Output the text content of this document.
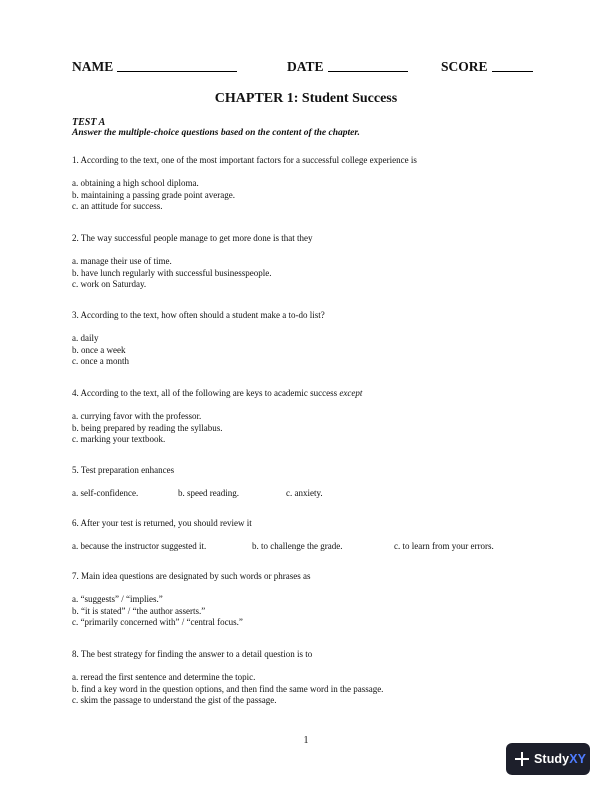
NAME	DATE	SCORE
CHAPTER 1: Student Success
TEST A
Answer the multiple-choice questions based on the content of the chapter.
1. According to the text, one of the most important factors for a successful college experience is
a. obtaining a high school diploma.
b. maintaining a passing grade point average.
c. an attitude for success.
2. The way successful people manage to get more done is that they
a. manage their use of time.
b. have lunch regularly with successful businesspeople.
c. work on Saturday.
3. According to the text, how often should a student make a to-do list?
a. daily
b. once a week
c. once a month
4. According to the text, all of the following are keys to academic success except
a. currying favor with the professor.
b. being prepared by reading the syllabus.
c. marking your textbook.
5. Test preparation enhances
a. self-confidence.	b. speed reading.	c. anxiety.
6. After your test is returned, you should review it
a. because the instructor suggested it.	b. to challenge the grade.	c. to learn from your errors.
7. Main idea questions are designated by such words or phrases as
a. “suggests” / “implies.”
b. “it is stated” / “the author asserts.”
c. “primarily concerned with” / “central focus.”
8. The best strategy for finding the answer to a detail question is to
a. reread the first sentence and determine the topic.
b. find a key word in the question options, and then find the same word in the passage.
c. skim the passage to understand the gist of the passage.
1
StudyXY
